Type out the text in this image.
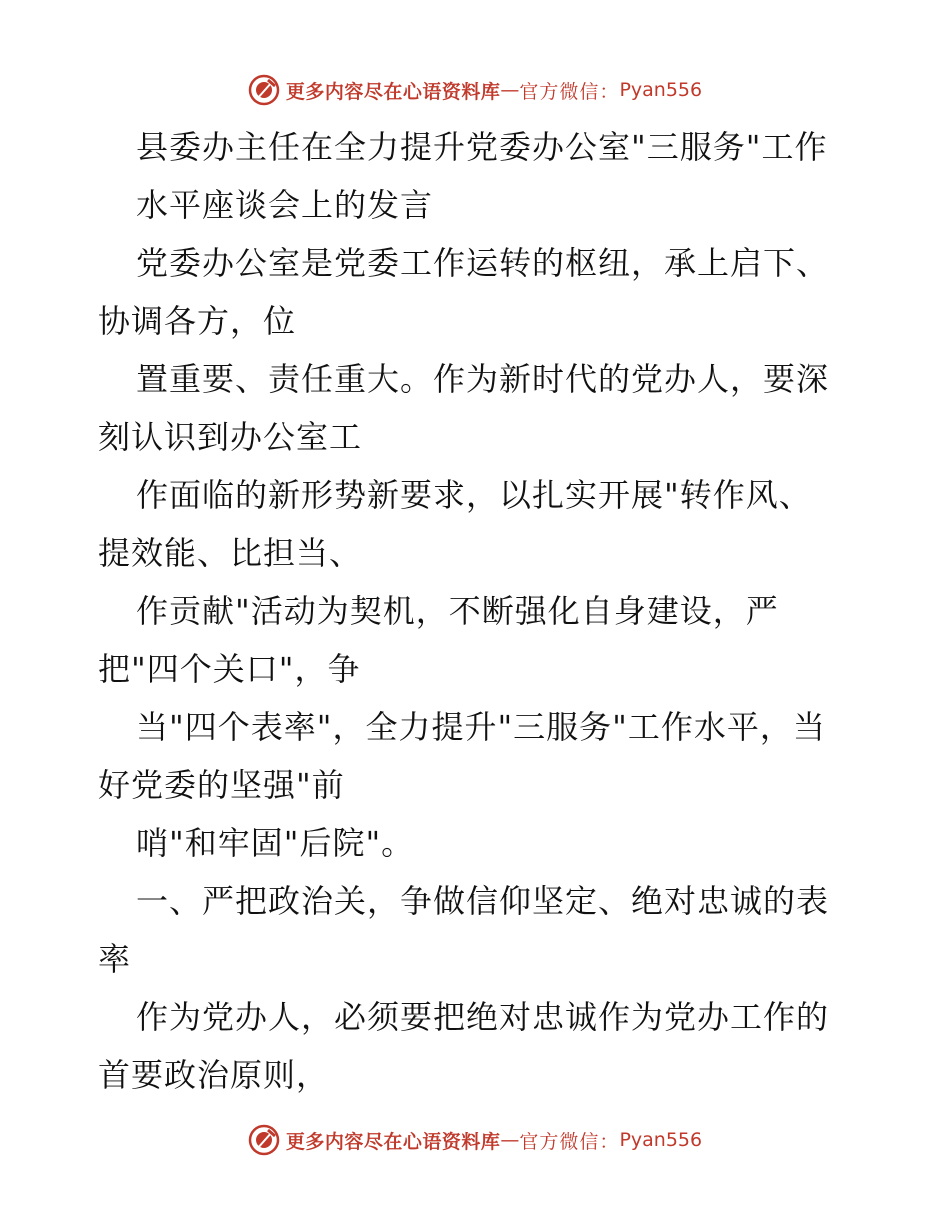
更多内容尽在心语资料库 — 官方微信： Pyan556
县委办主任在全力提升党委办公室"三服务"工作
水平座谈会上的发言
党委办公室是党委工作运转的枢纽，承上启下、
协调各方，位
置重要、责任重大。作为新时代的党办人，要深
刻认识到办公室工
作面临的新形势新要求，以扎实开展"转作风、
提效能、比担当、
作贡献"活动为契机，不断强化自身建设，严
把"四个关口"，争
当"四个表率"，全力提升"三服务"工作水平，当
好党委的坚强"前
哨"和牢固"后院"。
一、严把政治关，争做信仰坚定、绝对忠诚的表
率
作为党办人，必须要把绝对忠诚作为党办工作的
首要政治原则，
更多内容尽在心语资料库 — 官方微信： Pyan556
